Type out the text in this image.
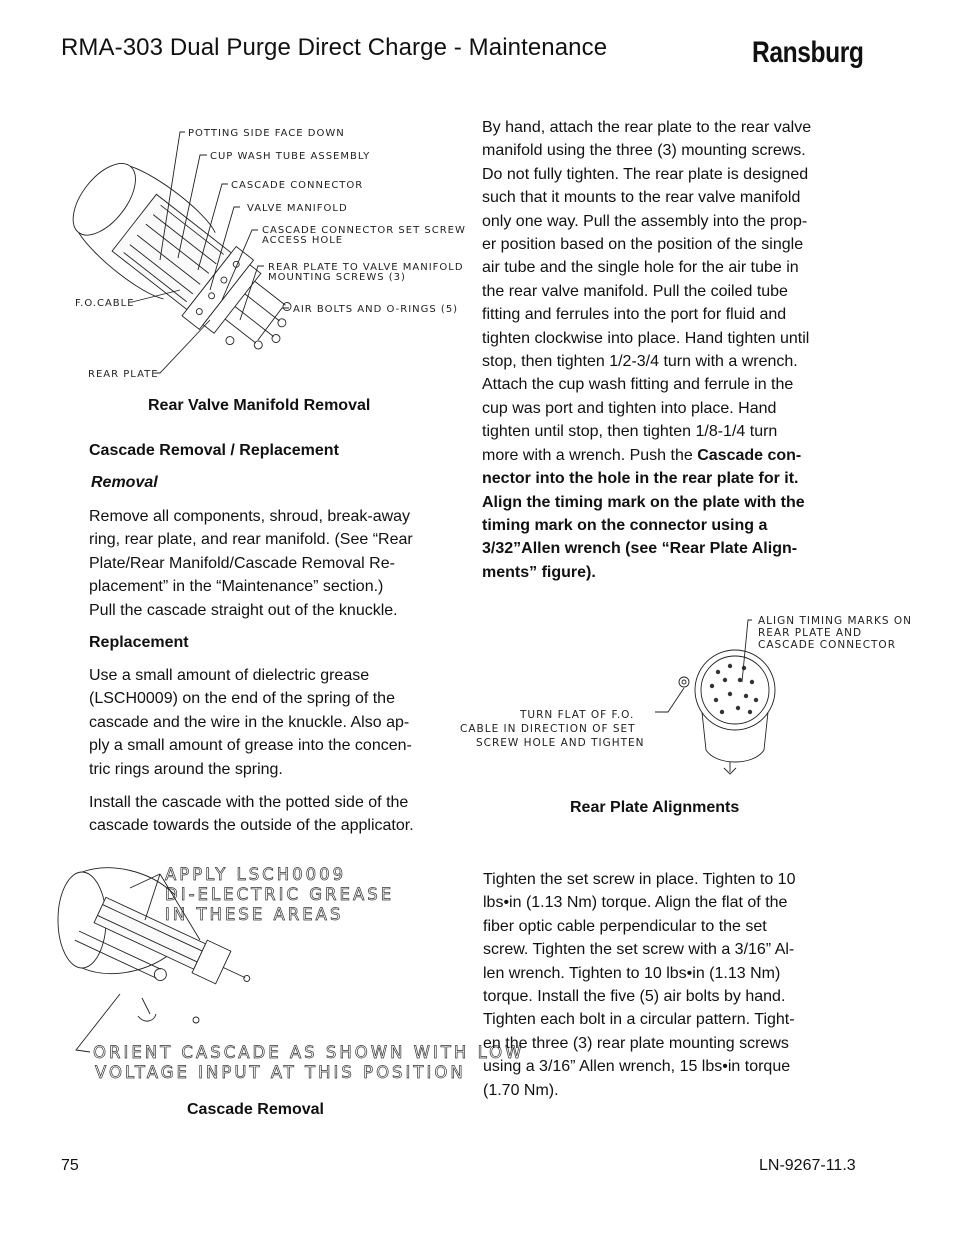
RMA-303 Dual Purge Direct Charge - Maintenance	Ransburg
POTTING SIDE FACE DOWN
CUP WASH TUBE ASSEMBLY
CASCADE CONNECTOR
VALVE MANIFOLD
CASCADE CONNECTOR SET SCREW
ACCESS HOLE
REAR PLATE TO VALVE MANIFOLD
MOUNTING SCREWS (3)
AIR BOLTS AND O-RINGS (5)
F.O.CABLE
REAR PLATE
Rear Valve Manifold Removal
Cascade Removal / Replacement
Removal
Remove all components, shroud, break-away
ring, rear plate, and rear manifold. (See “Rear
Plate/Rear Manifold/Cascade Removal Re-
placement” in the “Maintenance” section.)
Pull the cascade straight out of the knuckle.
Replacement
Use a small amount of dielectric grease
(LSCH0009) on the end of the spring of the
cascade and the wire in the knuckle. Also ap-
ply a small amount of grease into the concen-
tric rings around the spring.
Install the cascade with the potted side of the
cascade towards the outside of the applicator.
By hand, attach the rear plate to the rear valve
manifold using the three (3) mounting screws.
Do not fully tighten. The rear plate is designed
such that it mounts to the rear valve manifold
only one way. Pull the assembly into the prop-
er position based on the position of the single
air tube and the single hole for the air tube in
the rear valve manifold. Pull the coiled tube
fitting and ferrules into the port for fluid and
tighten clockwise into place. Hand tighten until
stop, then tighten 1/2-3/4 turn with a wrench.
Attach the cup wash fitting and ferrule in the
cup was port and tighten into place. Hand
tighten until stop, then tighten 1/8-1/4 turn
more with a wrench. Push the Cascade con-
nector into the hole in the rear plate for it.
Align the timing mark on the plate with the
timing mark on the connector using a
3/32”Allen wrench (see “Rear Plate Align-
ments” figure).
ALIGN TIMING MARKS ON
REAR PLATE AND
CASCADE CONNECTOR
TURN FLAT OF F.O.
CABLE IN DIRECTION OF SET
SCREW HOLE AND TIGHTEN
Rear Plate Alignments
APPLY LSCH0009
DI-ELECTRIC GREASE
IN THESE AREAS
ORIENT CASCADE AS SHOWN WITH LOW
VOLTAGE INPUT AT THIS POSITION
Cascade Removal
Tighten the set screw in place. Tighten to 10
lbs•in (1.13 Nm) torque. Align the flat of the
fiber optic cable perpendicular to the set
screw. Tighten the set screw with a 3/16” Al-
len wrench. Tighten to 10 lbs•in (1.13 Nm)
torque. Install the five (5) air bolts by hand.
Tighten each bolt in a circular pattern. Tight-
en the three (3) rear plate mounting screws
using a 3/16” Allen wrench, 15 lbs•in torque
(1.70 Nm).
75	LN-9267-11.3
